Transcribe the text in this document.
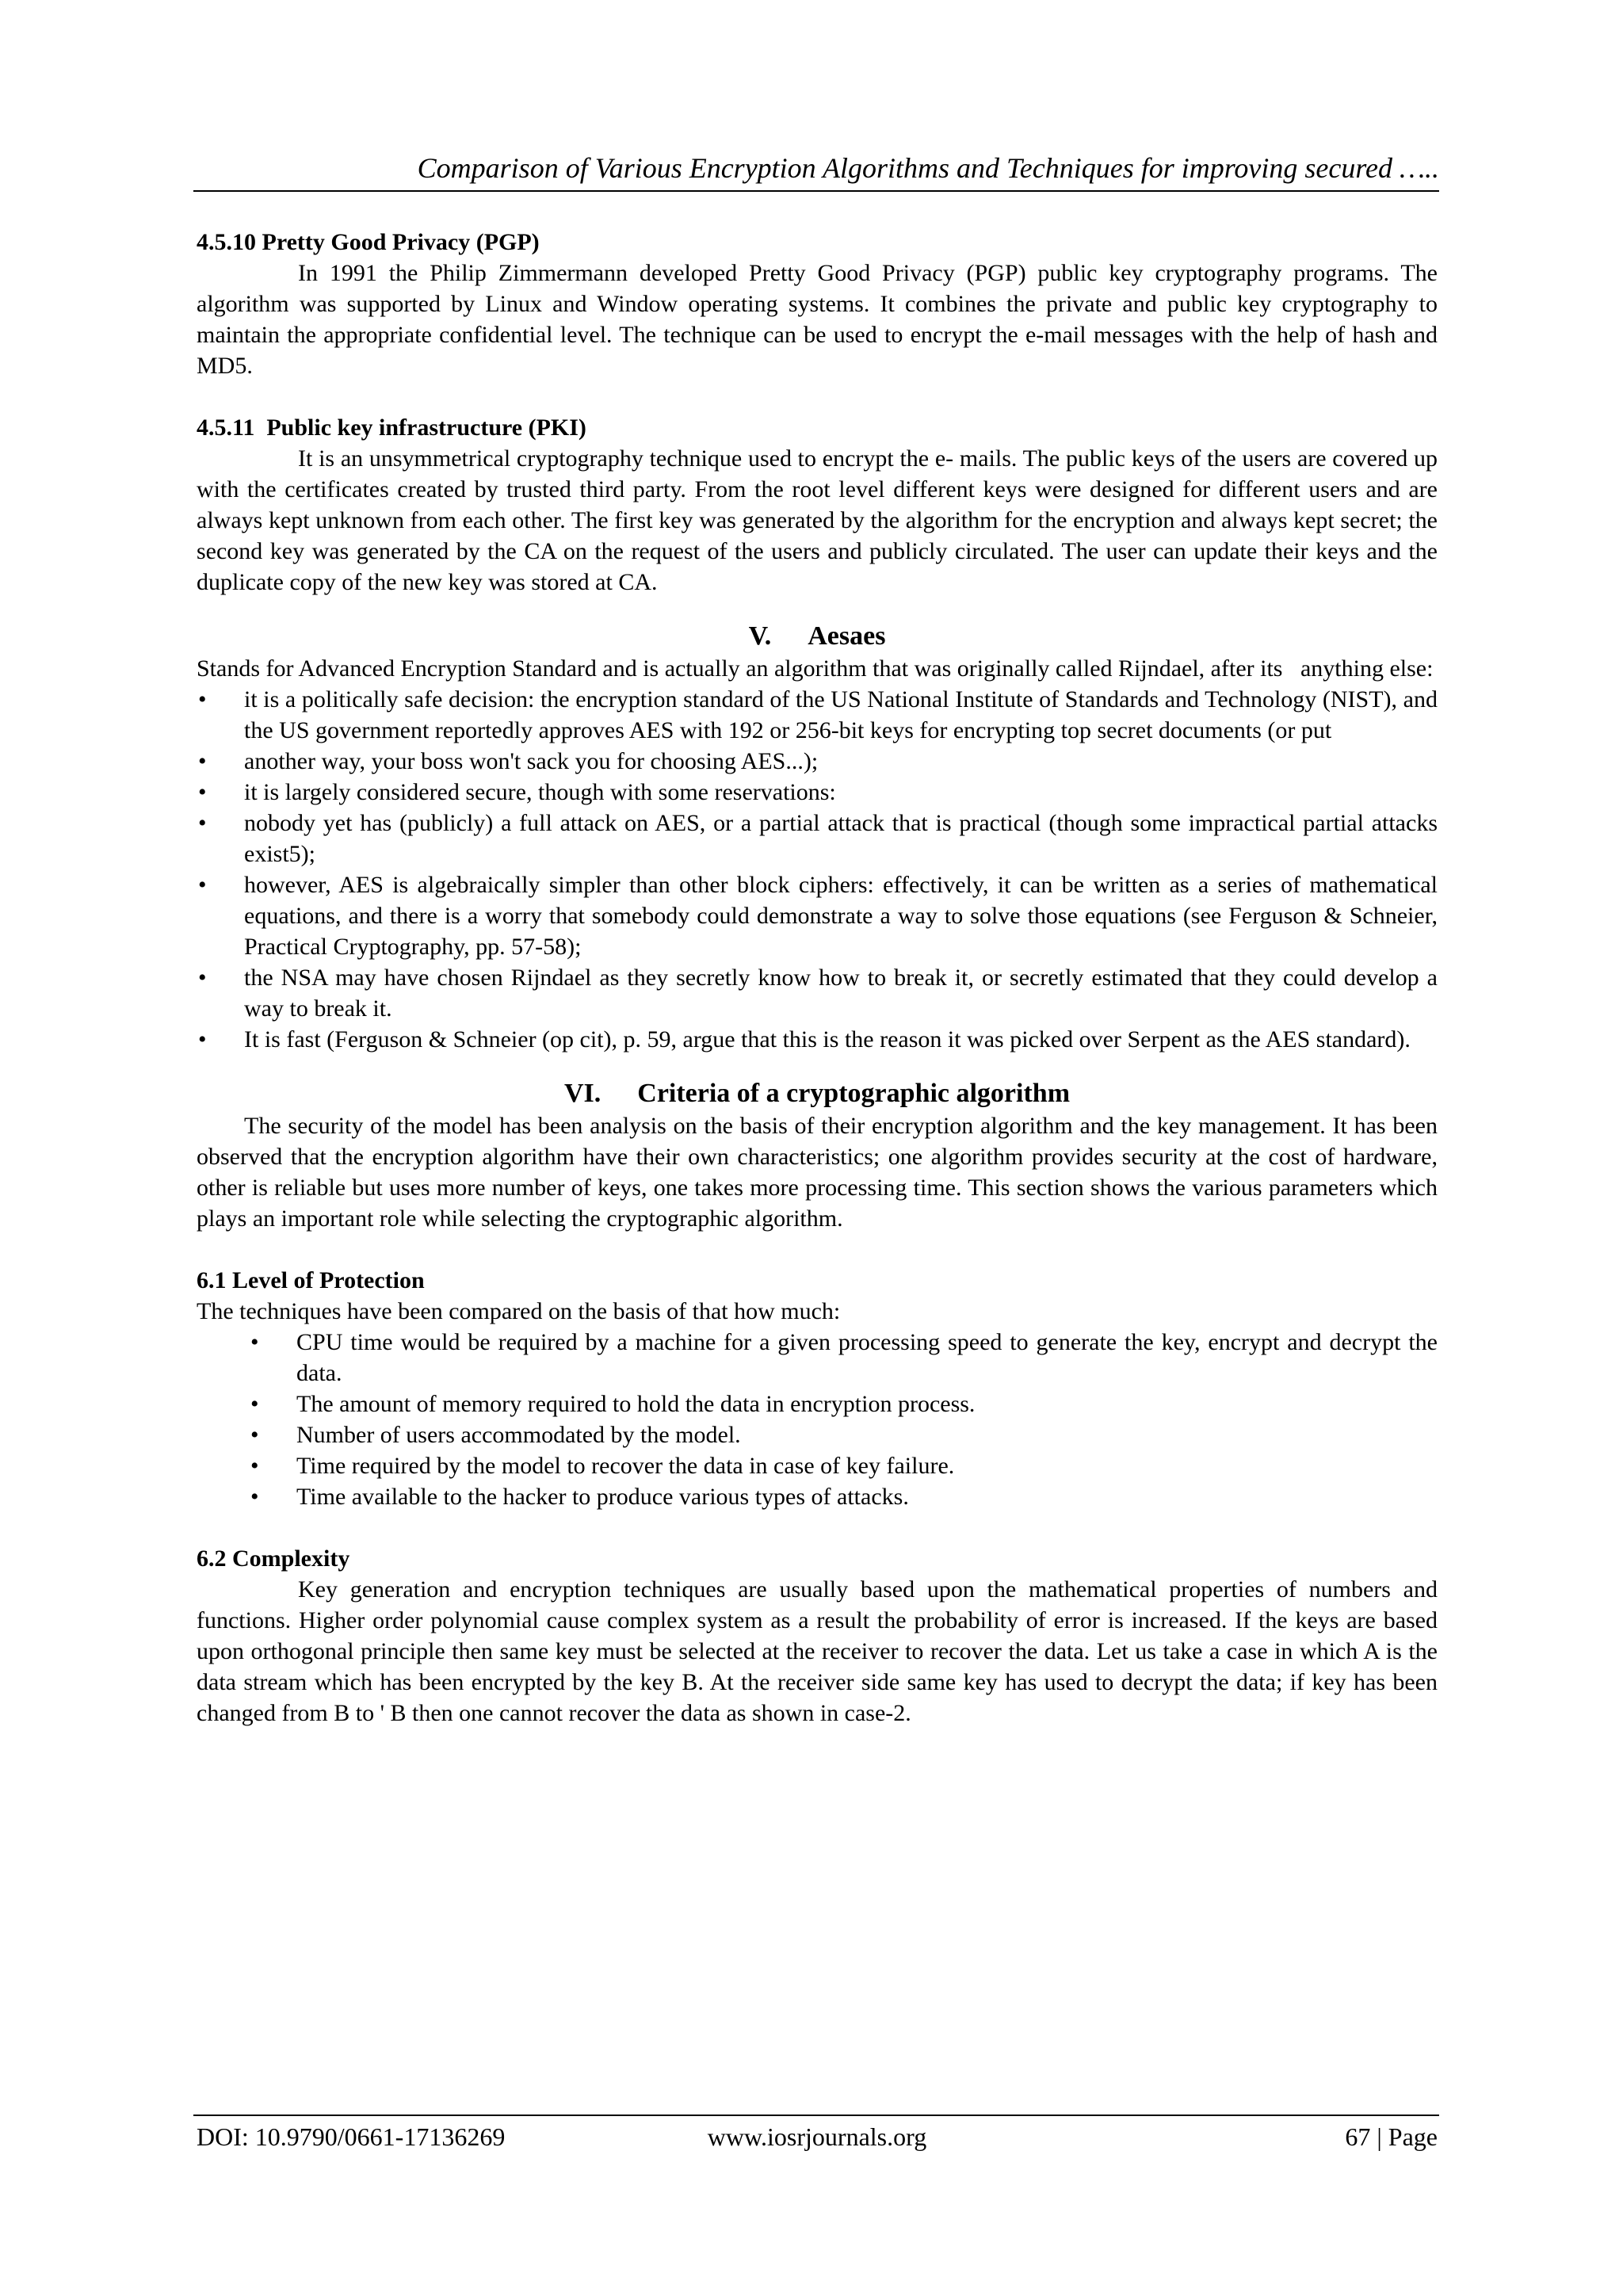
Comparison of Various Encryption Algorithms and Techniques for improving secured …..
4.5.10 Pretty Good Privacy (PGP)

In 1991 the Philip Zimmermann developed Pretty Good Privacy (PGP) public key cryptography programs. The algorithm was supported by Linux and Window operating systems. It combines the private and public key cryptography to maintain the appropriate confidential level. The technique can be used to encrypt the e-mail messages with the help of hash and MD5.

4.5.11  Public key infrastructure (PKI)

It is an unsymmetrical cryptography technique used to encrypt the e- mails. The public keys of the users are covered up with the certificates created by trusted third party. From the root level different keys were designed for different users and are always kept unknown from each other. The first key was generated by the algorithm for the encryption and always kept secret; the second key was generated by the CA on the request of the users and publicly circulated. The user can update their keys and the duplicate copy of the new key was stored at CA.

V. Aesaes

Stands for Advanced Encryption Standard and is actually an algorithm that was originally called Rijndael, after its   anything else:

• it is a politically safe decision: the encryption standard of the US National Institute of Standards and Technology (NIST), and the US government reportedly approves AES with 192 or 256-bit keys for encrypting top secret documents (or put
• another way, your boss won't sack you for choosing AES...);
• it is largely considered secure, though with some reservations:
• nobody yet has (publicly) a full attack on AES, or a partial attack that is practical (though some impractical partial attacks exist5);
• however, AES is algebraically simpler than other block ciphers: effectively, it can be written as a series of mathematical equations, and there is a worry that somebody could demonstrate a way to solve those equations (see Ferguson & Schneier, Practical Cryptography, pp. 57-58);
• the NSA may have chosen Rijndael as they secretly know how to break it, or secretly estimated that they could develop a way to break it.
• It is fast (Ferguson & Schneier (op cit), p. 59, argue that this is the reason it was picked over Serpent as the AES standard).
VI. Criteria of a cryptographic algorithm

The security of the model has been analysis on the basis of their encryption algorithm and the key management. It has been observed that the encryption algorithm have their own characteristics; one algorithm provides security at the cost of hardware, other is reliable but uses more number of keys, one takes more processing time. This section shows the various parameters which plays an important role while selecting the cryptographic algorithm.

6.1 Level of Protection

The techniques have been compared on the basis of that how much:

• CPU time would be required by a machine for a given processing speed to generate the key, encrypt and decrypt the data.
• The amount of memory required to hold the data in encryption process.
• Number of users accommodated by the model.
• Time required by the model to recover the data in case of key failure.
• Time available to the hacker to produce various types of attacks.
6.2 Complexity

Key generation and encryption techniques are usually based upon the mathematical properties of numbers and functions. Higher order polynomial cause complex system as a result the probability of error is increased. If the keys are based upon orthogonal principle then same key must be selected at the receiver to recover the data. Let us take a case in which A is the data stream which has been encrypted by the key B. At the receiver side same key has used to decrypt the data; if key has been changed from B to ' B then one cannot recover the data as shown in case-2.

DOI: 10.9790/0661-17136269	www.iosrjournals.org	67 | Page
